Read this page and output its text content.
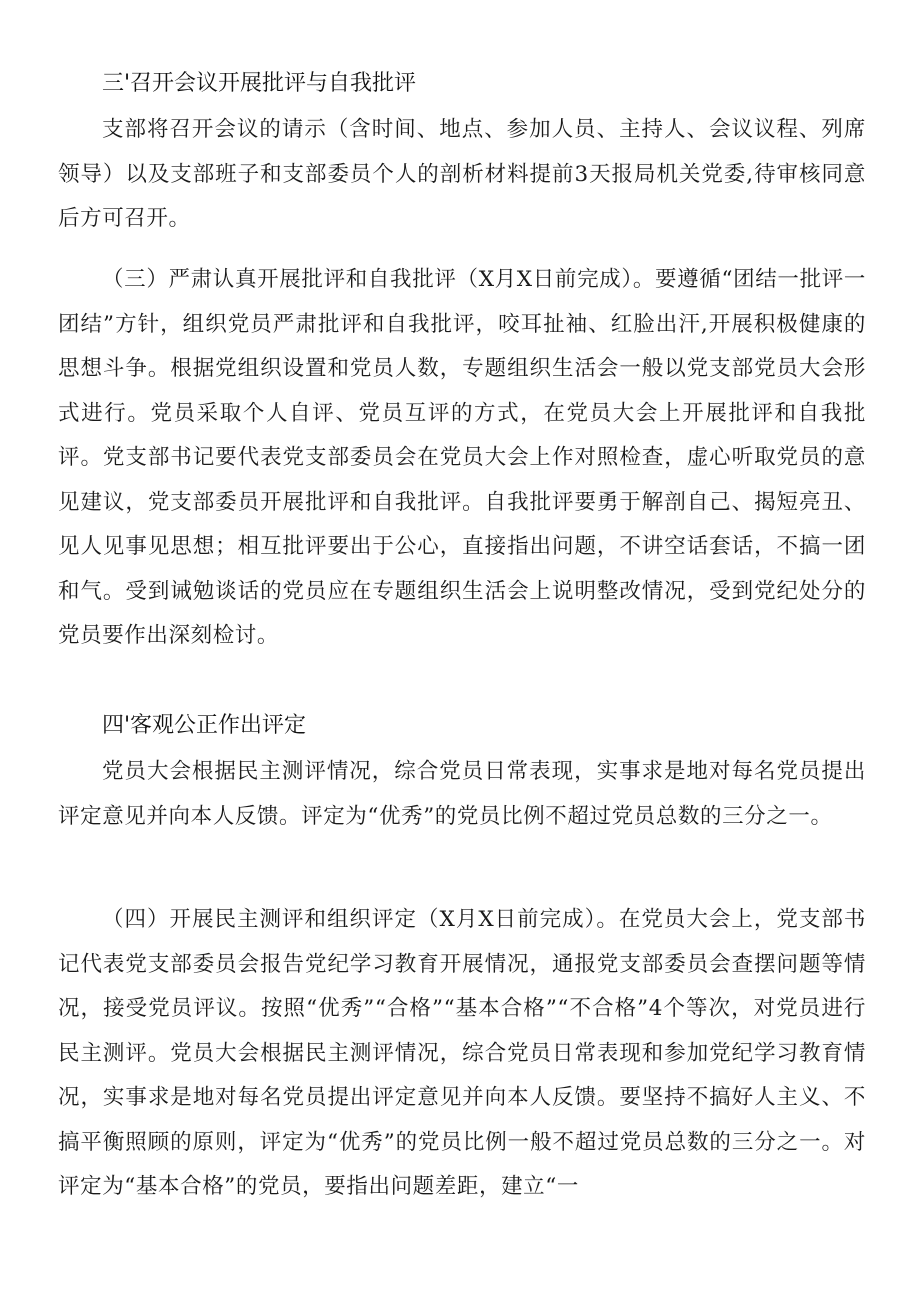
三'召开会议开展批评与自我批评

支部将召开会议的请示（含时间、地点、参加人员、主持人、会议议程、列席领导）以及支部班子和支部委员个人的剖析材料提前3天报局机关党委,待审核同意后方可召开。

（三）严肃认真开展批评和自我批评（X月X日前完成）。要遵循“团结一批评一团结”方针，组织党员严肃批评和自我批评，咬耳扯袖、红脸出汗,开展积极健康的思想斗争。根据党组织设置和党员人数，专题组织生活会一般以党支部党员大会形式进行。党员采取个人自评、党员互评的方式，在党员大会上开展批评和自我批评。党支部书记要代表党支部委员会在党员大会上作对照检查，虚心听取党员的意见建议，党支部委员开展批评和自我批评。自我批评要勇于解剖自己、揭短亮丑、见人见事见思想；相互批评要出于公心，直接指出问题，不讲空话套话，不搞一团和气。受到诫勉谈话的党员应在专题组织生活会上说明整改情况，受到党纪处分的党员要作出深刻检讨。

四'客观公正作出评定

党员大会根据民主测评情况，综合党员日常表现，实事求是地对每名党员提出评定意见并向本人反馈。评定为“优秀”的党员比例不超过党员总数的三分之一。

（四）开展民主测评和组织评定（X月X日前完成）。在党员大会上，党支部书记代表党支部委员会报告党纪学习教育开展情况，通报党支部委员会查摆问题等情况，接受党员评议。按照“优秀”“合格”“基本合格”“不合格”4个等次，对党员进行民主测评。党员大会根据民主测评情况，综合党员日常表现和参加党纪学习教育情况，实事求是地对每名党员提出评定意见并向本人反馈。要坚持不搞好人主义、不搞平衡照顾的原则，评定为“优秀”的党员比例一般不超过党员总数的三分之一。对评定为“基本合格”的党员，要指出问题差距，建立“一
